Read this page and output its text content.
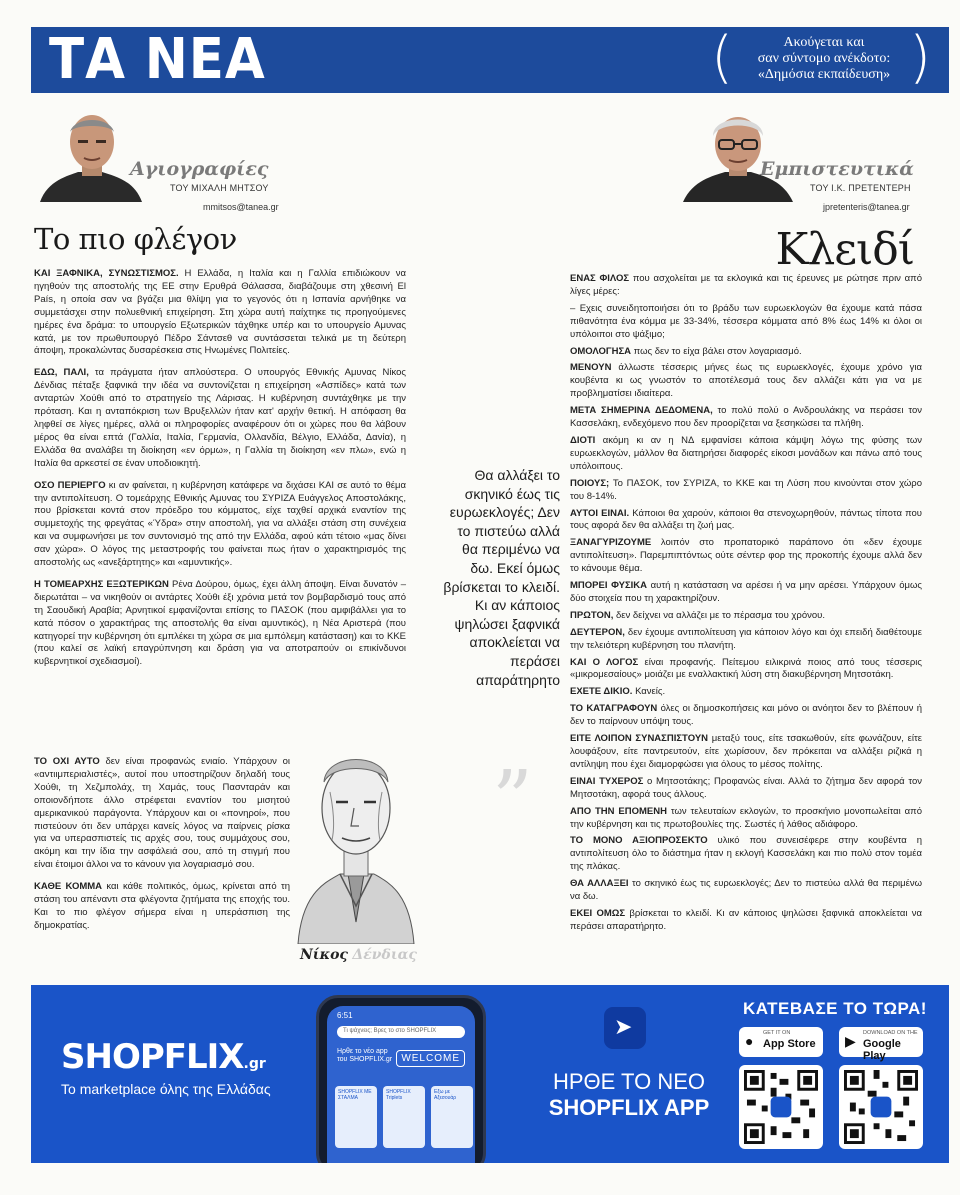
ΤΑ ΝΕΑ	(	Ακούγεται και
σαν σύντομο ανέκδοτο:
«Δημόσια εκπαίδευση» )
Αγιογραφίες
ΤΟΥ ΜΙΧΑΛΗ ΜΗΤΣΟΥ
mmitsos@tanea.gr
Το πιο φλέγον
Εμπιστευτικά
ΤΟΥ Ι.Κ. ΠΡΕΤΕΝΤΕΡΗ
jpretenteris@tanea.gr
Κλειδί

ΚΑΙ ΞΑΦΝΙΚΑ, ΣΥΝΩΣΤΙΣΜΟΣ. Η Ελλάδα, η Ιταλία και η Γαλλία επιδιώκουν να ηγηθούν της αποστολής της ΕΕ στην Ερυθρά Θάλασσα, διαβάζουμε στη χθεσινή El País, η οποία σαν να βγάζει μια θλίψη για το γεγονός ότι η Ισπανία αρνήθηκε να συμμετάσχει στην πολυεθνική επιχείρηση. Στη χώρα αυτή παίχτηκε τις προηγούμενες ημέρες ένα δράμα: το υπουργείο Εξωτερικών τάχθηκε υπέρ και το υπουργείο Αμυνας κατά, με τον πρωθυπουργό Πέδρο Σάντσεθ να συντάσσεται τελικά με τη δεύτερη άποψη, προκαλώντας δυσαρέσκεια στις Ηνωμένες Πολιτείες.

ΕΔΩ, ΠΑΛΙ, τα πράγματα ήταν απλούστερα. Ο υπουργός Εθνικής Αμυνας Νίκος Δένδιας πέταξε ξαφνικά την ιδέα να συντονίζεται η επιχείρηση «Ασπίδες» κατά των ανταρτών Χούθι από το στρατηγείο της Λάρισας. Η κυβέρνηση συντάχθηκε με την πρόταση. Και η ανταπόκριση των Βρυξελλών ήταν κατ' αρχήν θετική. Η απόφαση θα ληφθεί σε λίγες ημέρες, αλλά οι πληροφορίες αναφέρουν ότι οι χώρες που θα λάβουν μέρος θα είναι επτά (Γαλλία, Ιταλία, Γερμανία, Ολλανδία, Βέλγιο, Ελλάδα, Δανία), η Ελλάδα θα αναλάβει τη διοίκηση «εν όρμω», η Γαλλία τη διοίκηση «εν πλω», ενώ η Ιταλία θα αρκεστεί σε έναν υποδιοικητή.

ΟΣΟ ΠΕΡΙΕΡΓΟ κι αν φαίνεται, η κυβέρνηση κατάφερε να διχάσει ΚΑΙ σε αυτό το θέμα την αντιπολίτευση. Ο τομεάρχης Εθνικής Αμυνας του ΣΥΡΙΖΑ Ευάγγελος Αποστολάκης, που βρίσκεται κοντά στον πρόεδρο του κόμματος, είχε ταχθεί αρχικά εναντίον της συμμετοχής της φρεγάτας «Ύδρα» στην αποστολή, για να αλλάξει στάση στη συνέχεια και να συμφωνήσει με τον συντονισμό της από την Ελλάδα, αφού κάτι τέτοιο «μας δίνει σαν χώρα». Ο λόγος της μεταστροφής του φαίνεται πως ήταν ο χαρακτηρισμός της αποστολής ως «ανεξάρτητης» και «αμυντικής».

Η ΤΟΜΕΑΡΧΗΣ ΕΞΩΤΕΡΙΚΩΝ Ρένα Δούρου, όμως, έχει άλλη άποψη. Είναι δυνατόν – διερωτάται – να νικηθούν οι αντάρτες Χούθι έξι χρόνια μετά τον βομβαρδισμό τους από τη Σαουδική Αραβία; Αρνητικοί εμφανίζονται επίσης το ΠΑΣΟΚ (που αμφιβάλλει για το κατά πόσον ο χαρακτήρας της αποστολής θα είναι αμυντικός), η Νέα Αριστερά (που κατηγορεί την κυβέρνηση ότι εμπλέκει τη χώρα σε μια εμπόλεμη κατάσταση) και το ΚΚΕ (που καλεί σε λαϊκή επαγρύπνηση και δράση για να αποτραπούν οι επικίνδυνοι κυβερνητικοί σχεδιασμοί).

ΤΟ ΟΧΙ ΑΥΤΟ δεν είναι προφανώς ενιαίο. Υπάρχουν οι «αντιιμπεριαλιστές», αυτοί που υποστηρίζουν δηλαδή τους Χούθι, τη Χεζμπολάχ, τη Χαμάς, τους Πασνταράν και οποιονδήποτε άλλο στρέφεται εναντίον του μισητού αμερικανικού παράγοντα. Υπάρχουν και οι «πονηροί», που πιστεύουν ότι δεν υπάρχει κανείς λόγος να παίρνεις ρίσκα για να υπερασπιστείς τις αρχές σου, τους συμμάχους σου, ακόμη και την ίδια την ασφάλειά σου, από τη στιγμή που είναι έτοιμοι άλλοι να το κάνουν για λογαριασμό σου.

ΚΑΘΕ ΚΟΜΜΑ και κάθε πολιτικός, όμως, κρίνεται από τη στάση του απέναντι στα φλέγοντα ζητήματα της εποχής του. Και το πιο φλέγον σήμερα είναι η υπεράσπιση της δημοκρατίας.

Νίκος Δένδιας
Θα αλλάξει το σκηνικό έως τις ευρωεκλογές; Δεν το πιστεύω αλλά θα περιμένω να δω. Εκεί όμως βρίσκεται το κλειδί. Κι αν κάποιος ψηλώσει ξαφνικά αποκλείεται να περάσει απαράτηρητο
”

ΕΝΑΣ ΦΙΛΟΣ που ασχολείται με τα εκλογικά και τις έρευνες με ρώτησε πριν από λίγες μέρες:

– Εχεις συνειδητοποιήσει ότι το βράδυ των ευρωεκλογών θα έχουμε κατά πάσα πιθανότητα ένα κόμμα με 33-34%, τέσσερα κόμματα από 8% έως 14% κι όλοι οι υπόλοιποι στο ψάξιμο;

ΟΜΟΛΟΓΗΣΑ πως δεν το είχα βάλει στον λογαριασμό.

ΜΕΝΟΥΝ άλλωστε τέσσερις μήνες έως τις ευρωεκλογές, έχουμε χρόνο για κουβέντα κι ως γνωστόν το αποτέλεσμά τους δεν αλλάζει κάτι για να με προβληματίσει ιδιαίτερα.

ΜΕΤΑ ΣΗΜΕΡΙΝΑ ΔΕΔΟΜΕΝΑ, το πολύ πολύ ο Ανδρουλάκης να περάσει τον Κασσελάκη, ενδεχόμενο που δεν προορίζεται να ξεσηκώσει τα πλήθη.

ΔΙΟΤΙ ακόμη κι αν η ΝΔ εμφανίσει κάποια κάμψη λόγω της φύσης των ευρωεκλογών, μάλλον θα διατηρήσει διαφορές είκοσι μονάδων και πάνω από τους υπόλοιπους.

ΠΟΙΟΥΣ; Το ΠΑΣΟΚ, τον ΣΥΡΙΖΑ, το ΚΚΕ και τη Λύση που κινούνται στον χώρο του 8-14%.

ΑΥΤΟΙ ΕΙΝΑΙ. Κάποιοι θα χαρούν, κάποιοι θα στενοχωρηθούν, πάντως τίποτα που τους αφορά δεν θα αλλάξει τη ζωή μας.

ΞΑΝΑΓΥΡΙΖΟΥΜΕ λοιπόν στο προπατορικό παράπονο ότι «δεν έχουμε αντιπολίτευση». Παρεμπιπτόντως ούτε σέντερ φορ της προκοπής έχουμε αλλά δεν το κάνουμε θέμα.

ΜΠΟΡΕΙ ΦΥΣΙΚΑ αυτή η κατάσταση να αρέσει ή να μην αρέσει. Υπάρχουν όμως δύο στοιχεία που τη χαρακτηρίζουν.

ΠΡΩΤΟΝ, δεν δείχνει να αλλάζει με το πέρασμα του χρόνου.

ΔΕΥΤΕΡΟΝ, δεν έχουμε αντιπολίτευση για κάποιον λόγο και όχι επειδή διαθέτουμε την τελειότερη κυβέρνηση του πλανήτη.

ΚΑΙ Ο ΛΟΓΟΣ είναι προφανής. Πείτεμου ειλικρινά ποιος από τους τέσσερις «μικρομεσαίους» μοιάζει με εναλλακτική λύση στη διακυβέρνηση Μητσοτάκη.

ΕΧΕΤΕ ΔΙΚΙΟ. Κανείς.

ΤΟ ΚΑΤΑΓΡΑΦΟΥΝ όλες οι δημοσκοπήσεις και μόνο οι ανόητοι δεν το βλέπουν ή δεν το παίρνουν υπόψη τους.

ΕΙΤΕ ΛΟΙΠΟΝ ΣΥΝΑΣΠΙΣΤΟΥΝ μεταξύ τους, είτε τσακωθούν, είτε φωνάζουν, είτε λουφάξουν, είτε παντρευτούν, είτε χωρίσουν, δεν πρόκειται να αλλάξει ριζικά η αντίληψη που έχει διαμορφώσει για όλους το μέσος πολίτης.

ΕΙΝΑΙ ΤΥΧΕΡΟΣ ο Μητσοτάκης; Προφανώς είναι. Αλλά το ζήτημα δεν αφορά τον Μητσοτάκη, αφορά τους άλλους.

ΑΠΟ ΤΗΝ ΕΠΟΜΕΝΗ των τελευταίων εκλογών, το προσκήνιο μονοπωλείται από την κυβέρνηση και τις πρωτοβουλίες της. Σωστές ή λάθος αδιάφορο.

ΤΟ ΜΟΝΟ ΑΞΙΟΠΡΟΣΕΚΤΟ υλικό που συνεισέφερε στην κουβέντα η αντιπολίτευση όλο το διάστημα ήταν η εκλογή Κασσελάκη και πιο πολύ στον τομέα της πλάκας.

ΘΑ ΑΛΛΑΞΕΙ το σκηνικό έως τις ευρωεκλογές; Δεν το πιστεύω αλλά θα περιμένω να δω.

ΕΚΕΙ ΟΜΩΣ βρίσκεται το κλειδί. Κι αν κάποιος ψηλώσει ξαφνικά αποκλείεται να περάσει απαρατήρητο.

SHOPFLIX.gr
Το marketplace όλης της Ελλάδας
6:51
Τι ψάχνεις; Βρες το στο SHOPFLIX
Ηρθε το νέο app του SHOPFLIX.gr WELCOME
SHOPFLIX ME ΣΤΑΛΜΑ
SHOPFLIX Triplets
Εξω με Αξεσουάρ
➤
ΗΡΘΕ ΤΟ ΝΕΟ
SHOPFLIX APP
ΚΑΤΕΒΑΣΕ ΤΟ ΤΩΡΑ!
● GET IT ON
App Store ▶ DOWNLOAD ON THE
Google Play
